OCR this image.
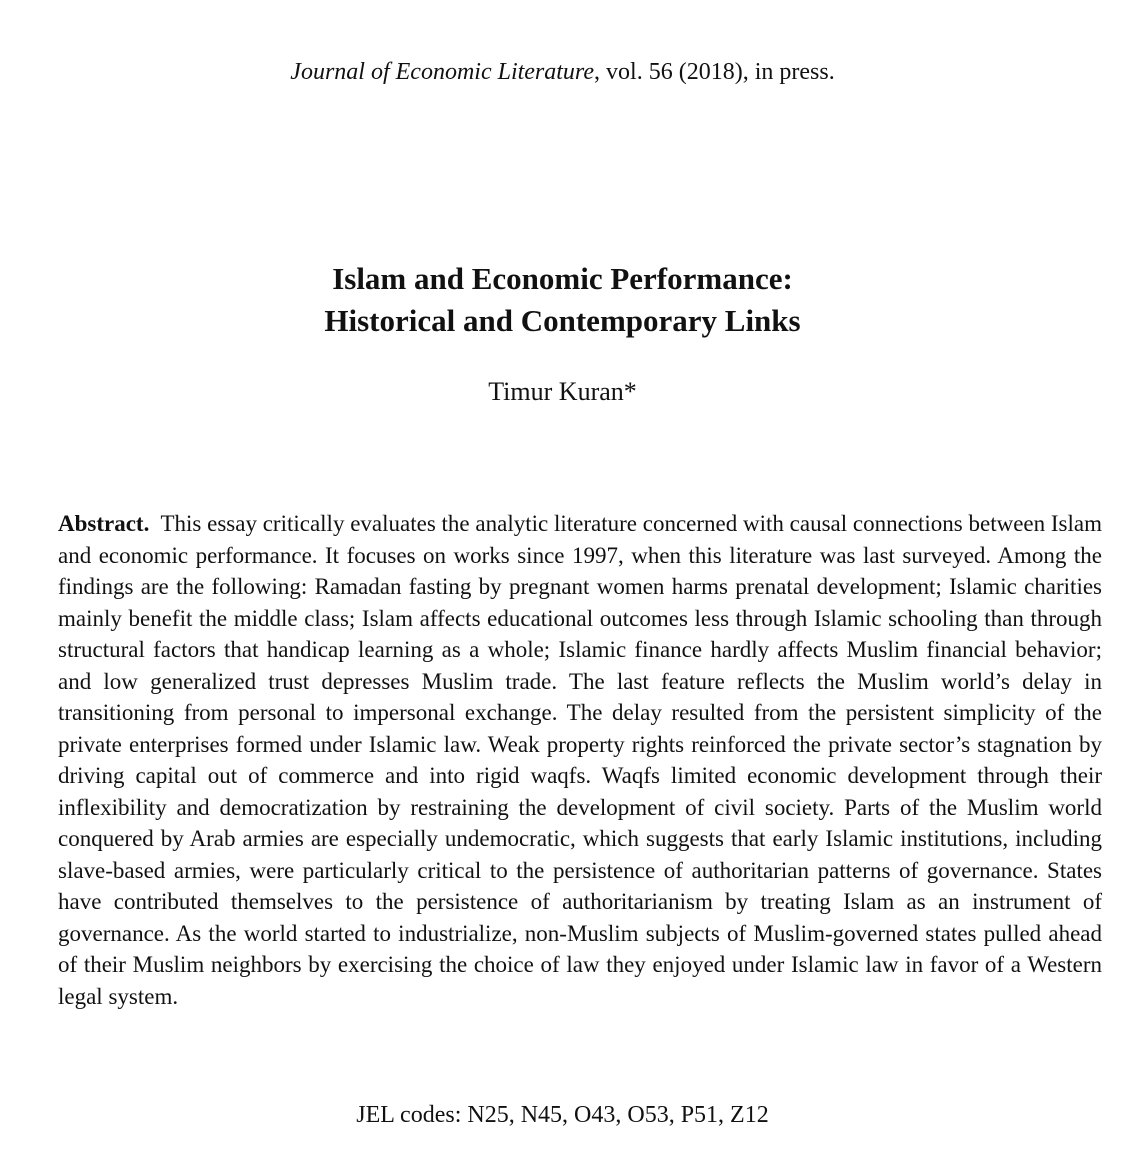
Journal of Economic Literature, vol. 56 (2018), in press.
Islam and Economic Performance:
Historical and Contemporary Links
Timur Kuran*

Abstract. This essay critically evaluates the analytic literature concerned with causal connections between Islam and economic performance. It focuses on works since 1997, when this literature was last surveyed. Among the findings are the following: Ramadan fasting by pregnant women harms prenatal development; Islamic charities mainly benefit the middle class; Islam affects educational outcomes less through Islamic schooling than through structural factors that handicap learning as a whole; Islamic finance hardly affects Muslim financial behavior; and low generalized trust depresses Muslim trade. The last feature reflects the Muslim world’s delay in transitioning from personal to impersonal exchange. The delay resulted from the persistent simplicity of the private enterprises formed under Islamic law. Weak property rights reinforced the private sector’s stagnation by driving capital out of commerce and into rigid waqfs. Waqfs limited economic development through their inflexibility and democratization by restraining the development of civil society. Parts of the Muslim world conquered by Arab armies are especially undemocratic, which suggests that early Islamic institutions, including slave-based armies, were particularly critical to the persistence of authoritarian patterns of governance. States have contributed themselves to the persistence of authoritarianism by treating Islam as an instrument of governance. As the world started to industrialize, non-Muslim subjects of Muslim-governed states pulled ahead of their Muslim neighbors by exercising the choice of law they enjoyed under Islamic law in favor of a Western legal system.

JEL codes: N25, N45, O43, O53, P51, Z12
